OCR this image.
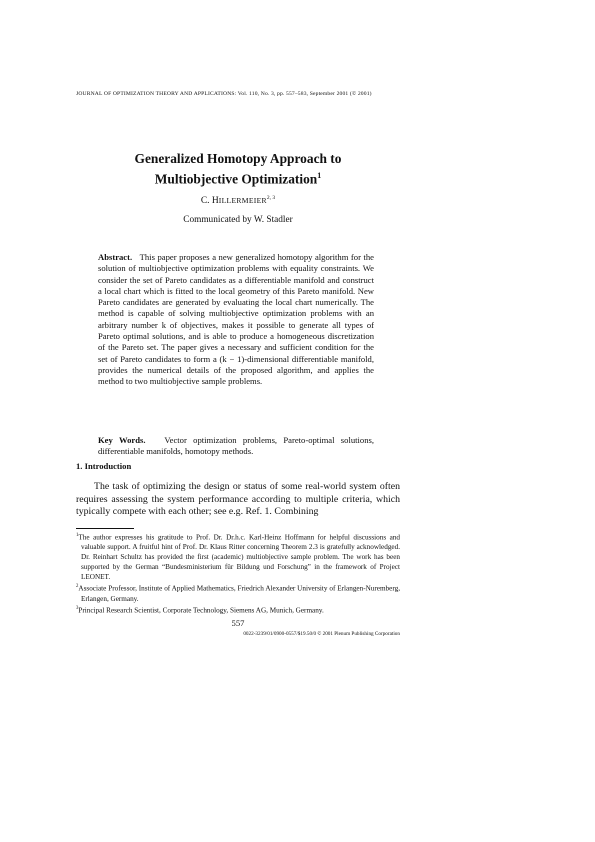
JOURNAL OF OPTIMIZATION THEORY AND APPLICATIONS: Vol. 110, No. 3, pp. 557–583, September 2001 (© 2001)
Generalized Homotopy Approach to
Multiobjective Optimization$^1$
C. HILLERMEIER$^{2, 3}$
Communicated by W. Stadler
Abstract. This paper proposes a new generalized homotopy algorithm for the solution of multiobjective optimization problems with equality constraints. We consider the set of Pareto candidates as a differentiable manifold and construct a local chart which is fitted to the local geometry of this Pareto manifold. New Pareto candidates are generated by evaluating the local chart numerically. The method is capable of solving multiobjective optimization problems with an arbitrary number k of objectives, makes it possible to generate all types of Pareto optimal solutions, and is able to produce a homogeneous discretization of the Pareto set. The paper gives a necessary and sufficient condition for the set of Pareto candidates to form a (k − 1)-dimensional differentiable manifold, provides the numerical details of the proposed algorithm, and applies the method to two multiobjective sample problems.
Key Words. Vector optimization problems, Pareto-optimal solutions, differentiable manifolds, homotopy methods.
1. Introduction
The task of optimizing the design or status of some real-world system often requires assessing the system performance according to multiple criteria, which typically compete with each other; see e.g. Ref. 1. Combining

$^1$The author expresses his gratitude to Prof. Dr. Dr.h.c. Karl-Heinz Hoffmann for helpful discussions and valuable support. A fruitful hint of Prof. Dr. Klaus Ritter concerning Theorem 2.3 is gratefully acknowledged. Dr. Reinhart Schultz has provided the first (academic) multiobjective sample problem. The work has been supported by the German “Bundesministerium für Bildung und Forschung” in the framework of Project LEONET.

$^2$Associate Professor, Institute of Applied Mathematics, Friedrich Alexander University of Erlangen-Nuremberg, Erlangen, Germany.

$^3$Principal Research Scientist, Corporate Technology, Siemens AG, Munich, Germany.

557
0022-3239/01/0900-0557/$19.50/0 © 2001 Plenum Publishing Corporation
